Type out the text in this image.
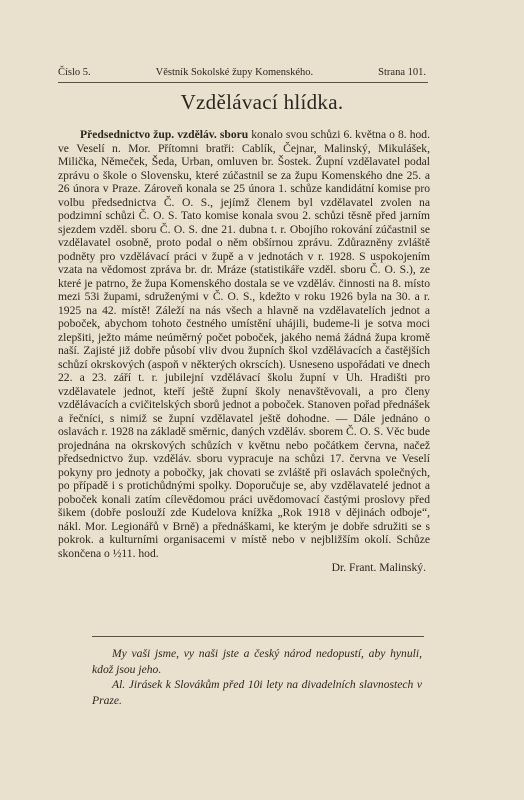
Číslo 5.	Věstník Sokolské župy Komenského.	Strana 101.
Vzdělávací hlídka.

Předsednictvo žup. vzděláv. sboru konalo svou schůzi 6. května o 8. hod. ve Veselí n. Mor. Přítomni bratři: Cablík, Čejnar, Malinský, Mikulášek, Milička, Němeček, Šeda, Urban, omluven br. Šostek. Župní vzdělavatel podal zprávu o škole o Slovensku, které zúčastnil se za župu Komenského dne 25. a 26 února v Praze. Zároveň konala se 25 února 1. schůze kandidátní komise pro volbu předsednictva Č. O. S., jejímž členem byl vzdělavatel zvolen na podzimní schůzi Č. O. S. Tato komise konala svou 2. schůzi těsně před jarním sjezdem vzděl. sboru Č. O. S. dne 21. dubna t. r. Obojího rokování zúčastnil se vzdělavatel osobně, proto podal o něm obšírnou zprávu. Zdůrazněny zvláště podněty pro vzdělávací práci v župě a v jednotách v r. 1928. S uspokojením vzata na vědomost zpráva br. dr. Mráze (statistikáře vzděl. sboru Č. O. S.), ze které je patrno, že župa Komenského dostala se ve vzděláv. činnosti na 8. místo mezi 53i župami, sdruženými v Č. O. S., kdežto v roku 1926 byla na 30. a r. 1925 na 42. místě! Záleží na nás všech a hlavně na vzdělavatelích jednot a poboček, abychom tohoto čestného umístění uhájili, budeme-li je sotva moci zlepšiti, ježto máme neúměrný počet poboček, jakého nemá žádná župa kromě naší. Zajisté již dobře působí vliv dvou župních škol vzdělávacích a častějších schůzí okrskových (aspoň v některých okrscích). Usneseno uspořádati ve dnech 22. a 23. září t. r. jubilejní vzdělávací školu župní v Uh. Hradišti pro vzdělavatele jednot, kteří ještě župní školy nenavštěvovali, a pro členy vzdělávacích a cvičitelských sborů jednot a poboček. Stanoven pořad přednášek a řečníci, s nimiž se župní vzdělavatel ještě dohodne. — Dále jednáno o oslavách r. 1928 na základě směrnic, daných vzděláv. sborem Č. O. S. Věc bude projednána na okrskových schůzích v květnu nebo počátkem června, načež předsednictvo žup. vzděláv. sboru vypracuje na schůzi 17. června ve Veselí pokyny pro jednoty a pobočky, jak chovati se zvláště při oslavách společných, po případě i s protichůdnými spolky. Doporučuje se, aby vzdělavatelé jednot a poboček konali zatím cílevědomou práci uvědomovací častými proslovy před šikem (dobře poslouží zde Kudelova knížka „Rok 1918 v dějinách odboje“, nákl. Mor. Legionářů v Brně) a přednáškami, ke kterým je dobře sdružiti se s pokrok. a kulturními organisacemi v místě nebo v nejbližším okolí. Schůze skončena o ½11. hod.

Dr. Frant. Malinský.

My vaši jsme, vy naši jste a český národ nedopustí, aby hynuli, kdož jsou jeho.

Al. Jirásek k Slovákům před 10i lety na divadelních slavnostech v Praze.
